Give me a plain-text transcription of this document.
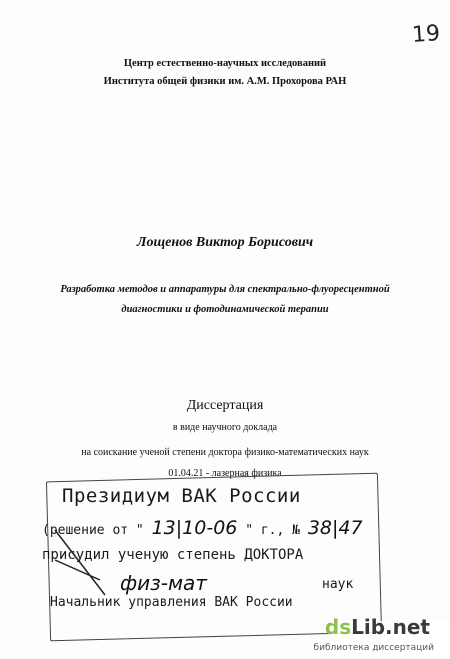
19
Центр естественно-научных исследований
Института общей физики им. А.М. Прохорова РАН
Лощенов Виктор Борисович
Разработка методов и аппаратуры для спектрально-флуоресцентной
диагностики и фотодинамической терапии
Диссертация
в виде научного доклада
на соискание ученой степени доктора физико-математических наук
01.04.21 - лазерная физика
Президиум ВАК России
(решение от " 13|10-06 " г., № 38|47
присудил ученую степень ДОКТОРА
физ-мат	наук
Начальник управления ВАК России
dsLib.net
библиотека диссертаций
